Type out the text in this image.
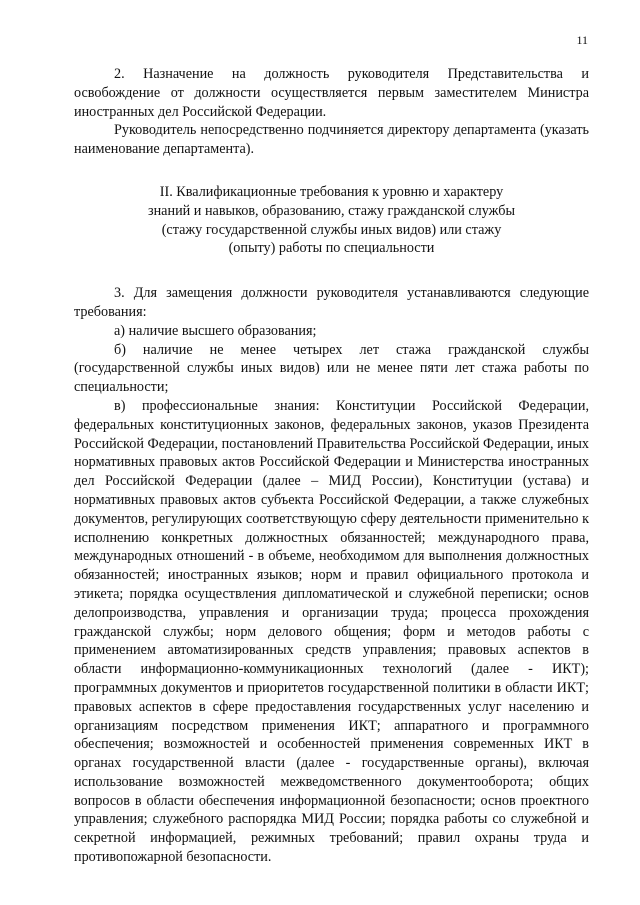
11

2. Назначение на должность руководителя Представительства и освобождение от должности осуществляется первым заместителем Министра иностранных дел Российской Федерации.

Руководитель непосредственно подчиняется директору департамента (указать наименование департамента).

II. Квалификационные требования к уровню и характеру
знаний и навыков, образованию, стажу гражданской службы
(стажу государственной службы иных видов) или стажу
(опыту) работы по специальности

3. Для замещения должности руководителя устанавливаются следующие требования:

а) наличие высшего образования;

б) наличие не менее четырех лет стажа гражданской службы (государственной службы иных видов) или не менее пяти лет стажа работы по специальности;

в) профессиональные знания: Конституции Российской Федерации, федеральных конституционных законов, федеральных законов, указов Президента Российской Федерации, постановлений Правительства Российской Федерации, иных нормативных правовых актов Российской Федерации и Министерства иностранных дел Российской Федерации (далее – МИД России), Конституции (устава) и нормативных правовых актов субъекта Российской Федерации, а также служебных документов, регулирующих соответствующую сферу деятельности применительно к исполнению конкретных должностных обязанностей; международного права, международных отношений - в объеме, необходимом для выполнения должностных обязанностей; иностранных языков; норм и правил официального протокола и этикета; порядка осуществления дипломатической и служебной переписки; основ делопроизводства, управления и организации труда; процесса прохождения гражданской службы; норм делового общения; форм и методов работы с применением автоматизированных средств управления; правовых аспектов в области информационно-коммуникационных технологий (далее - ИКТ); программных документов и приоритетов государственной политики в области ИКТ; правовых аспектов в сфере предоставления государственных услуг населению и организациям посредством применения ИКТ; аппаратного и программного обеспечения; возможностей и особенностей применения современных ИКТ в органах государственной власти (далее - государственные органы), включая использование возможностей межведомственного документооборота; общих вопросов в области обеспечения информационной безопасности; основ проектного управления; служебного распорядка МИД России; порядка работы со служебной и секретной информацией, режимных требований; правил охраны труда и противопожарной безопасности.
